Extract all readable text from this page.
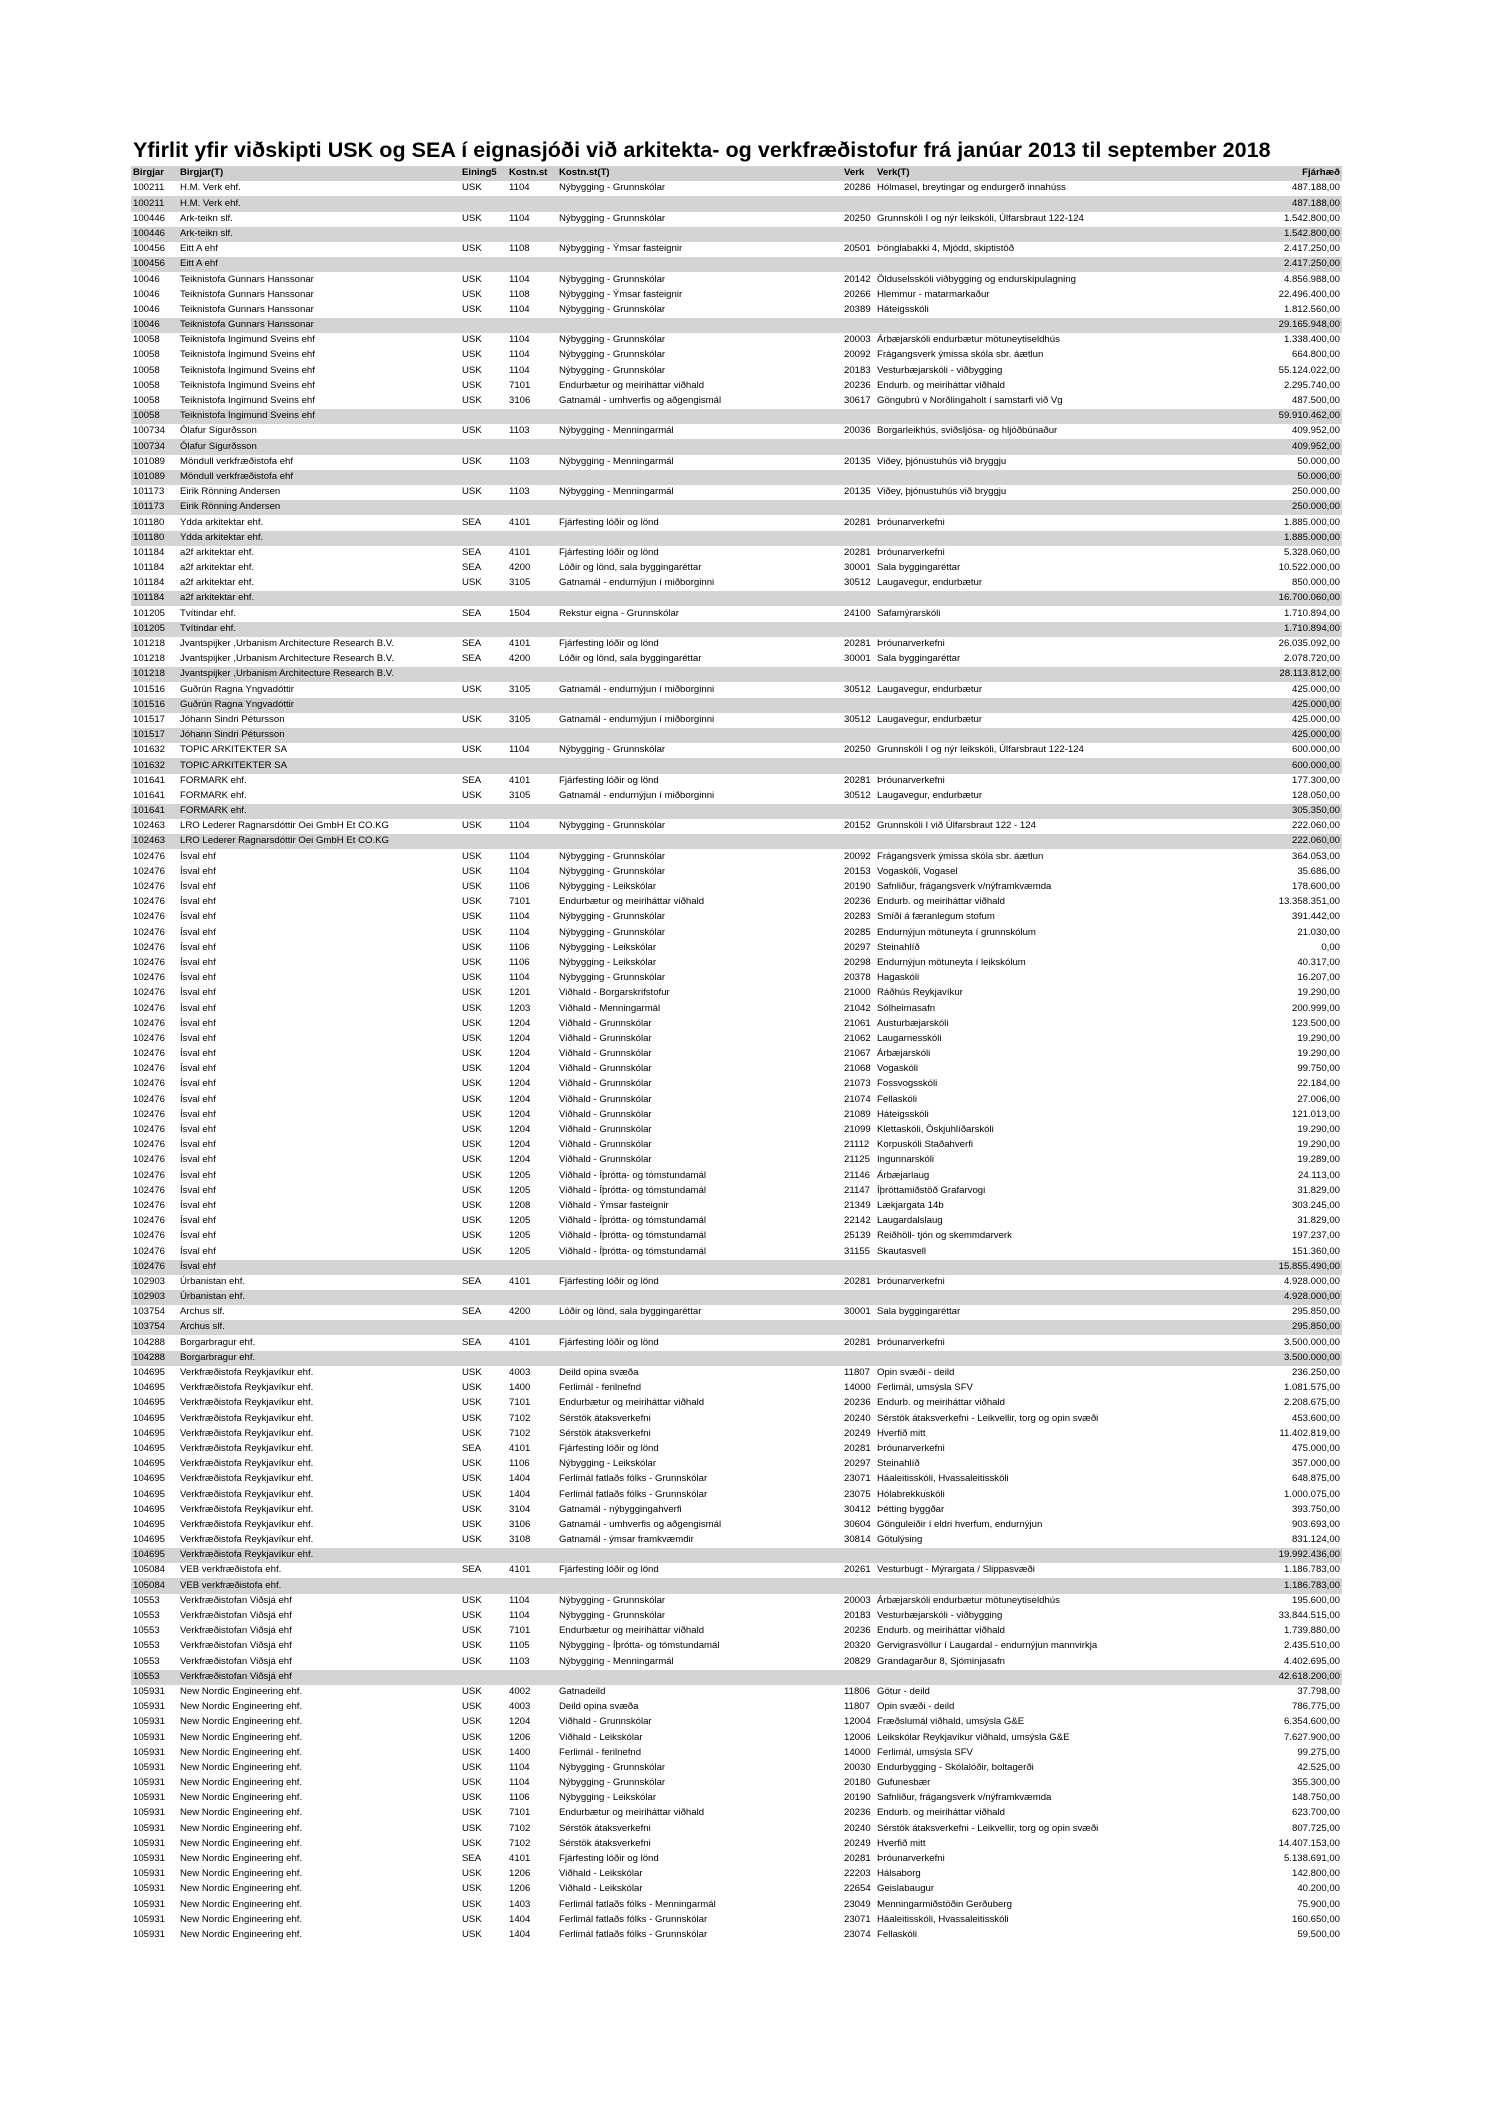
Yfirlit yfir viðskipti USK og SEA í eignasjóði við arkitekta- og verkfræðistofur frá janúar 2013 til september 2018
Birgjar	Birgjar(T)	Eining5	Kostn.st	Kostn.st(T)	Verk	Verk(T)	Fjárhæð
100211	H.M. Verk ehf.	USK	1104	Nýbygging - Grunnskólar	20286	Hólmasel, breytingar og endurgerð innahúss	487.188,00
100211	H.M. Verk ehf.						487.188,00
100446	Ark-teikn slf.	USK	1104	Nýbygging - Grunnskólar	20250	Grunnskóli I og nýr leikskóli, Úlfarsbraut 122-124	1.542.800,00
100446	Ark-teikn slf.						1.542.800,00
100456	Eitt A ehf	USK	1108	Nýbygging - Ýmsar fasteignir	20501	Þönglabakki 4, Mjódd, skiptistöð	2.417.250,00
100456	Eitt A ehf						2.417.250,00
10046	Teiknistofa Gunnars Hanssonar	USK	1104	Nýbygging - Grunnskólar	20142	Ölduselsskóli viðbygging og endurskipulagning	4.856.988,00
10046	Teiknistofa Gunnars Hanssonar	USK	1108	Nýbygging - Ýmsar fasteignir	20266	Hlemmur - matarmarkaður	22.496.400,00
10046	Teiknistofa Gunnars Hanssonar	USK	1104	Nýbygging - Grunnskólar	20389	Háteigsskóli	1.812.560,00
10046	Teiknistofa Gunnars Hanssonar						29.165.948,00
10058	Teiknistofa Ingimund Sveins ehf	USK	1104	Nýbygging - Grunnskólar	20003	Árbæjarskóli endurbætur mötuneytiseldhús	1.338.400,00
10058	Teiknistofa Ingimund Sveins ehf	USK	1104	Nýbygging - Grunnskólar	20092	Frágangsverk ýmissa skóla sbr. áætlun	664.800,00
10058	Teiknistofa Ingimund Sveins ehf	USK	1104	Nýbygging - Grunnskólar	20183	Vesturbæjarskóli - viðbygging	55.124.022,00
10058	Teiknistofa Ingimund Sveins ehf	USK	7101	Endurbætur og meiriháttar viðhald	20236	Endurb. og meiriháttar viðhald	2.295.740,00
10058	Teiknistofa Ingimund Sveins ehf	USK	3106	Gatnamál - umhverfis og aðgengismál	30617	Göngubrú v Norðlingaholt í samstarfi við Vg	487.500,00
10058	Teiknistofa Ingimund Sveins ehf						59.910.462,00
100734	Ólafur Sigurðsson	USK	1103	Nýbygging - Menningarmál	20036	Borgarleikhús, sviðsljósa- og hljóðbúnaður	409.952,00
100734	Ólafur Sigurðsson						409.952,00
101089	Möndull verkfræðistofa ehf	USK	1103	Nýbygging - Menningarmál	20135	Viðey, þjónustuhús við bryggju	50.000,00
101089	Möndull verkfræðistofa ehf						50.000,00
101173	Eirik Rönning Andersen	USK	1103	Nýbygging - Menningarmál	20135	Viðey, þjónustuhús við bryggju	250.000,00
101173	Eirik Rönning Andersen						250.000,00
101180	Ydda arkitektar ehf.	SEA	4101	Fjárfesting lóðir og lönd	20281	Þróunarverkefni	1.885.000,00
101180	Ydda arkitektar ehf.						1.885.000,00
101184	a2f arkitektar ehf.	SEA	4101	Fjárfesting lóðir og lönd	20281	Þróunarverkefni	5.328.060,00
101184	a2f arkitektar ehf.	SEA	4200	Lóðir og lönd, sala byggingaréttar	30001	Sala byggingaréttar	10.522.000,00
101184	a2f arkitektar ehf.	USK	3105	Gatnamál - endurnýjun í miðborginni	30512	Laugavegur, endurbætur	850.000,00
101184	a2f arkitektar ehf.						16.700.060,00
101205	Tvítindar ehf.	SEA	1504	Rekstur eigna - Grunnskólar	24100	Safamýrarskóli	1.710.894,00
101205	Tvítindar ehf.						1.710.894,00
101218	Jvantspijker ,Urbanism Architecture Research B.V.	SEA	4101	Fjárfesting lóðir og lönd	20281	Þróunarverkefni	26.035.092,00
101218	Jvantspijker ,Urbanism Architecture Research B.V.	SEA	4200	Lóðir og lönd, sala byggingaréttar	30001	Sala byggingaréttar	2.078.720,00
101218	Jvantspijker ,Urbanism Architecture Research B.V.						28.113.812,00
101516	Guðrún Ragna Yngvadóttir	USK	3105	Gatnamál - endurnýjun í miðborginni	30512	Laugavegur, endurbætur	425.000,00
101516	Guðrún Ragna Yngvadóttir						425.000,00
101517	Jóhann Sindri Pétursson	USK	3105	Gatnamál - endurnýjun í miðborginni	30512	Laugavegur, endurbætur	425.000,00
101517	Jóhann Sindri Pétursson						425.000,00
101632	TOPIC ARKITEKTER SA	USK	1104	Nýbygging - Grunnskólar	20250	Grunnskóli I og nýr leikskóli, Úlfarsbraut 122-124	600.000,00
101632	TOPIC ARKITEKTER SA						600.000,00
101641	FORMARK ehf.	SEA	4101	Fjárfesting lóðir og lönd	20281	Þróunarverkefni	177.300,00
101641	FORMARK ehf.	USK	3105	Gatnamál - endurnýjun í miðborginni	30512	Laugavegur, endurbætur	128.050,00
101641	FORMARK ehf.						305.350,00
102463	LRO Lederer Ragnarsdóttir Oei GmbH Et CO.KG	USK	1104	Nýbygging - Grunnskólar	20152	Grunnskóli I við Úlfarsbraut 122 - 124	222.060,00
102463	LRO Lederer Ragnarsdóttir Oei GmbH Et CO.KG						222.060,00
102476	Ísval ehf	USK	1104	Nýbygging - Grunnskólar	20092	Frágangsverk ýmissa skóla sbr. áætlun	364.053,00
102476	Ísval ehf	USK	1104	Nýbygging - Grunnskólar	20153	Vogaskóli, Vogasel	35.686,00
102476	Ísval ehf	USK	1106	Nýbygging - Leikskólar	20190	Safnliður, frágangsverk v/nýframkvæmda	178.600,00
102476	Ísval ehf	USK	7101	Endurbætur og meiriháttar viðhald	20236	Endurb. og meiriháttar viðhald	13.358.351,00
102476	Ísval ehf	USK	1104	Nýbygging - Grunnskólar	20283	Smíði á færanlegum stofum	391.442,00
102476	Ísval ehf	USK	1104	Nýbygging - Grunnskólar	20285	Endurnýjun mötuneyta í grunnskólum	21.030,00
102476	Ísval ehf	USK	1106	Nýbygging - Leikskólar	20297	Steinahlíð	0,00
102476	Ísval ehf	USK	1106	Nýbygging - Leikskólar	20298	Endurnýjun mötuneyta í leikskólum	40.317,00
102476	Ísval ehf	USK	1104	Nýbygging - Grunnskólar	20378	Hagaskóli	16.207,00
102476	Ísval ehf	USK	1201	Viðhald - Borgarskrifstofur	21000	Ráðhús Reykjavíkur	19.290,00
102476	Ísval ehf	USK	1203	Viðhald - Menningarmál	21042	Sólheimasafn	200.999,00
102476	Ísval ehf	USK	1204	Viðhald - Grunnskólar	21061	Austurbæjarskóli	123.500,00
102476	Ísval ehf	USK	1204	Viðhald - Grunnskólar	21062	Laugarnesskóli	19.290,00
102476	Ísval ehf	USK	1204	Viðhald - Grunnskólar	21067	Árbæjarskóli	19.290,00
102476	Ísval ehf	USK	1204	Viðhald - Grunnskólar	21068	Vogaskóli	99.750,00
102476	Ísval ehf	USK	1204	Viðhald - Grunnskólar	21073	Fossvogsskóli	22.184,00
102476	Ísval ehf	USK	1204	Viðhald - Grunnskólar	21074	Fellaskóli	27.006,00
102476	Ísval ehf	USK	1204	Viðhald - Grunnskólar	21089	Háteigsskóli	121.013,00
102476	Ísval ehf	USK	1204	Viðhald - Grunnskólar	21099	Klettaskóli, Öskjuhlíðarskóli	19.290,00
102476	Ísval ehf	USK	1204	Viðhald - Grunnskólar	21112	Korpuskóli Staðahverfi	19.290,00
102476	Ísval ehf	USK	1204	Viðhald - Grunnskólar	21125	Ingunnarskóli	19.289,00
102476	Ísval ehf	USK	1205	Viðhald - Íþrótta- og tómstundamál	21146	Árbæjarlaug	24.113,00
102476	Ísval ehf	USK	1205	Viðhald - Íþrótta- og tómstundamál	21147	Íþróttamiðstöð Grafarvogi	31.829,00
102476	Ísval ehf	USK	1208	Viðhald - Ýmsar fasteignir	21349	Lækjargata 14b	303.245,00
102476	Ísval ehf	USK	1205	Viðhald - Íþrótta- og tómstundamál	22142	Laugardalslaug	31.829,00
102476	Ísval ehf	USK	1205	Viðhald - Íþrótta- og tómstundamál	25139	Reiðhöll- tjón og skemmdarverk	197.237,00
102476	Ísval ehf	USK	1205	Viðhald - Íþrótta- og tómstundamál	31155	Skautasvell	151.360,00
102476	Ísval ehf						15.855.490,00
102903	Úrbanistan ehf.	SEA	4101	Fjárfesting lóðir og lönd	20281	Þróunarverkefni	4.928.000,00
102903	Úrbanistan ehf.						4.928.000,00
103754	Archus slf.	SEA	4200	Lóðir og lönd, sala byggingaréttar	30001	Sala byggingaréttar	295.850,00
103754	Archus slf.						295.850,00
104288	Borgarbragur ehf.	SEA	4101	Fjárfesting lóðir og lönd	20281	Þróunarverkefni	3.500.000,00
104288	Borgarbragur ehf.						3.500.000,00
104695	Verkfræðistofa Reykjavíkur ehf.	USK	4003	Deild opina svæða	11807	Opin svæði - deild	236.250,00
104695	Verkfræðistofa Reykjavíkur ehf.	USK	1400	Ferlimál - ferilnefnd	14000	Ferlimál, umsýsla SFV	1.081.575,00
104695	Verkfræðistofa Reykjavíkur ehf.	USK	7101	Endurbætur og meiriháttar viðhald	20236	Endurb. og meiriháttar viðhald	2.208.675,00
104695	Verkfræðistofa Reykjavíkur ehf.	USK	7102	Sérstök átaksverkefni	20240	Sérstök átaksverkefni - Leikvellir, torg og opin svæði	453.600,00
104695	Verkfræðistofa Reykjavíkur ehf.	USK	7102	Sérstök átaksverkefni	20249	Hverfið mitt	11.402.819,00
104695	Verkfræðistofa Reykjavíkur ehf.	SEA	4101	Fjárfesting lóðir og lönd	20281	Þróunarverkefni	475.000,00
104695	Verkfræðistofa Reykjavíkur ehf.	USK	1106	Nýbygging - Leikskólar	20297	Steinahlíð	357.000,00
104695	Verkfræðistofa Reykjavíkur ehf.	USK	1404	Ferlimál fatlaðs fólks - Grunnskólar	23071	Háaleitisskóli, Hvassaleitisskóli	648.875,00
104695	Verkfræðistofa Reykjavíkur ehf.	USK	1404	Ferlimál fatlaðs fólks - Grunnskólar	23075	Hólabrekkuskóli	1.000.075,00
104695	Verkfræðistofa Reykjavíkur ehf.	USK	3104	Gatnamál - nýbyggingahverfi	30412	Þétting byggðar	393.750,00
104695	Verkfræðistofa Reykjavíkur ehf.	USK	3106	Gatnamál - umhverfis og aðgengismál	30604	Gönguleiðir í eldri hverfum, endurnýjun	903.693,00
104695	Verkfræðistofa Reykjavíkur ehf.	USK	3108	Gatnamál - ýmsar framkvæmdir	30814	Götulýsing	831.124,00
104695	Verkfræðistofa Reykjavíkur ehf.						19.992.436,00
105084	VEB verkfræðistofa ehf.	SEA	4101	Fjárfesting lóðir og lönd	20261	Vesturbugt - Mýrargata / Slippasvæði	1.186.783,00
105084	VEB verkfræðistofa ehf.						1.186.783,00
10553	Verkfræðistofan Viðsjá ehf	USK	1104	Nýbygging - Grunnskólar	20003	Árbæjarskóli endurbætur mötuneytiseldhús	195.600,00
10553	Verkfræðistofan Viðsjá ehf	USK	1104	Nýbygging - Grunnskólar	20183	Vesturbæjarskóli - viðbygging	33.844.515,00
10553	Verkfræðistofan Viðsjá ehf	USK	7101	Endurbætur og meiriháttar viðhald	20236	Endurb. og meiriháttar viðhald	1.739.880,00
10553	Verkfræðistofan Viðsjá ehf	USK	1105	Nýbygging - Íþrótta- og tómstundamál	20320	Gervigrasvöllur í Laugardal - endurnýjun mannvirkja	2.435.510,00
10553	Verkfræðistofan Viðsjá ehf	USK	1103	Nýbygging - Menningarmál	20829	Grandagarður 8, Sjóminjasafn	4.402.695,00
10553	Verkfræðistofan Viðsjá ehf						42.618.200,00
105931	New Nordic Engineering ehf.	USK	4002	Gatnadeild	11806	Götur - deild	37.798,00
105931	New Nordic Engineering ehf.	USK	4003	Deild opina svæða	11807	Opin svæði - deild	786.775,00
105931	New Nordic Engineering ehf.	USK	1204	Viðhald - Grunnskólar	12004	Fræðslumál viðhald, umsýsla G&E	6.354.600,00
105931	New Nordic Engineering ehf.	USK	1206	Viðhald - Leikskólar	12006	Leikskólar Reykjavíkur viðhald, umsýsla G&E	7.627.900,00
105931	New Nordic Engineering ehf.	USK	1400	Ferlimál - ferilnefnd	14000	Ferlimál, umsýsla SFV	99.275,00
105931	New Nordic Engineering ehf.	USK	1104	Nýbygging - Grunnskólar	20030	Endurbygging - Skólalóðir, boltagerði	42.525,00
105931	New Nordic Engineering ehf.	USK	1104	Nýbygging - Grunnskólar	20180	Gufunesbær	355.300,00
105931	New Nordic Engineering ehf.	USK	1106	Nýbygging - Leikskólar	20190	Safnliður, frágangsverk v/nýframkvæmda	148.750,00
105931	New Nordic Engineering ehf.	USK	7101	Endurbætur og meiriháttar viðhald	20236	Endurb. og meiriháttar viðhald	623.700,00
105931	New Nordic Engineering ehf.	USK	7102	Sérstök átaksverkefni	20240	Sérstök átaksverkefni - Leikvellir, torg og opin svæði	807.725,00
105931	New Nordic Engineering ehf.	USK	7102	Sérstök átaksverkefni	20249	Hverfið mitt	14.407.153,00
105931	New Nordic Engineering ehf.	SEA	4101	Fjárfesting lóðir og lönd	20281	Þróunarverkefni	5.138.691,00
105931	New Nordic Engineering ehf.	USK	1206	Viðhald - Leikskólar	22203	Hálsaborg	142.800,00
105931	New Nordic Engineering ehf.	USK	1206	Viðhald - Leikskólar	22654	Geislabaugur	40.200,00
105931	New Nordic Engineering ehf.	USK	1403	Ferlimál fatlaðs fólks - Menningarmál	23049	Menningarmiðstöðin Gerðuberg	75.900,00
105931	New Nordic Engineering ehf.	USK	1404	Ferlimál fatlaðs fólks - Grunnskólar	23071	Háaleitisskóli, Hvassaleitisskóli	160.650,00
105931	New Nordic Engineering ehf.	USK	1404	Ferlimál fatlaðs fólks - Grunnskólar	23074	Fellaskóli	59.500,00
